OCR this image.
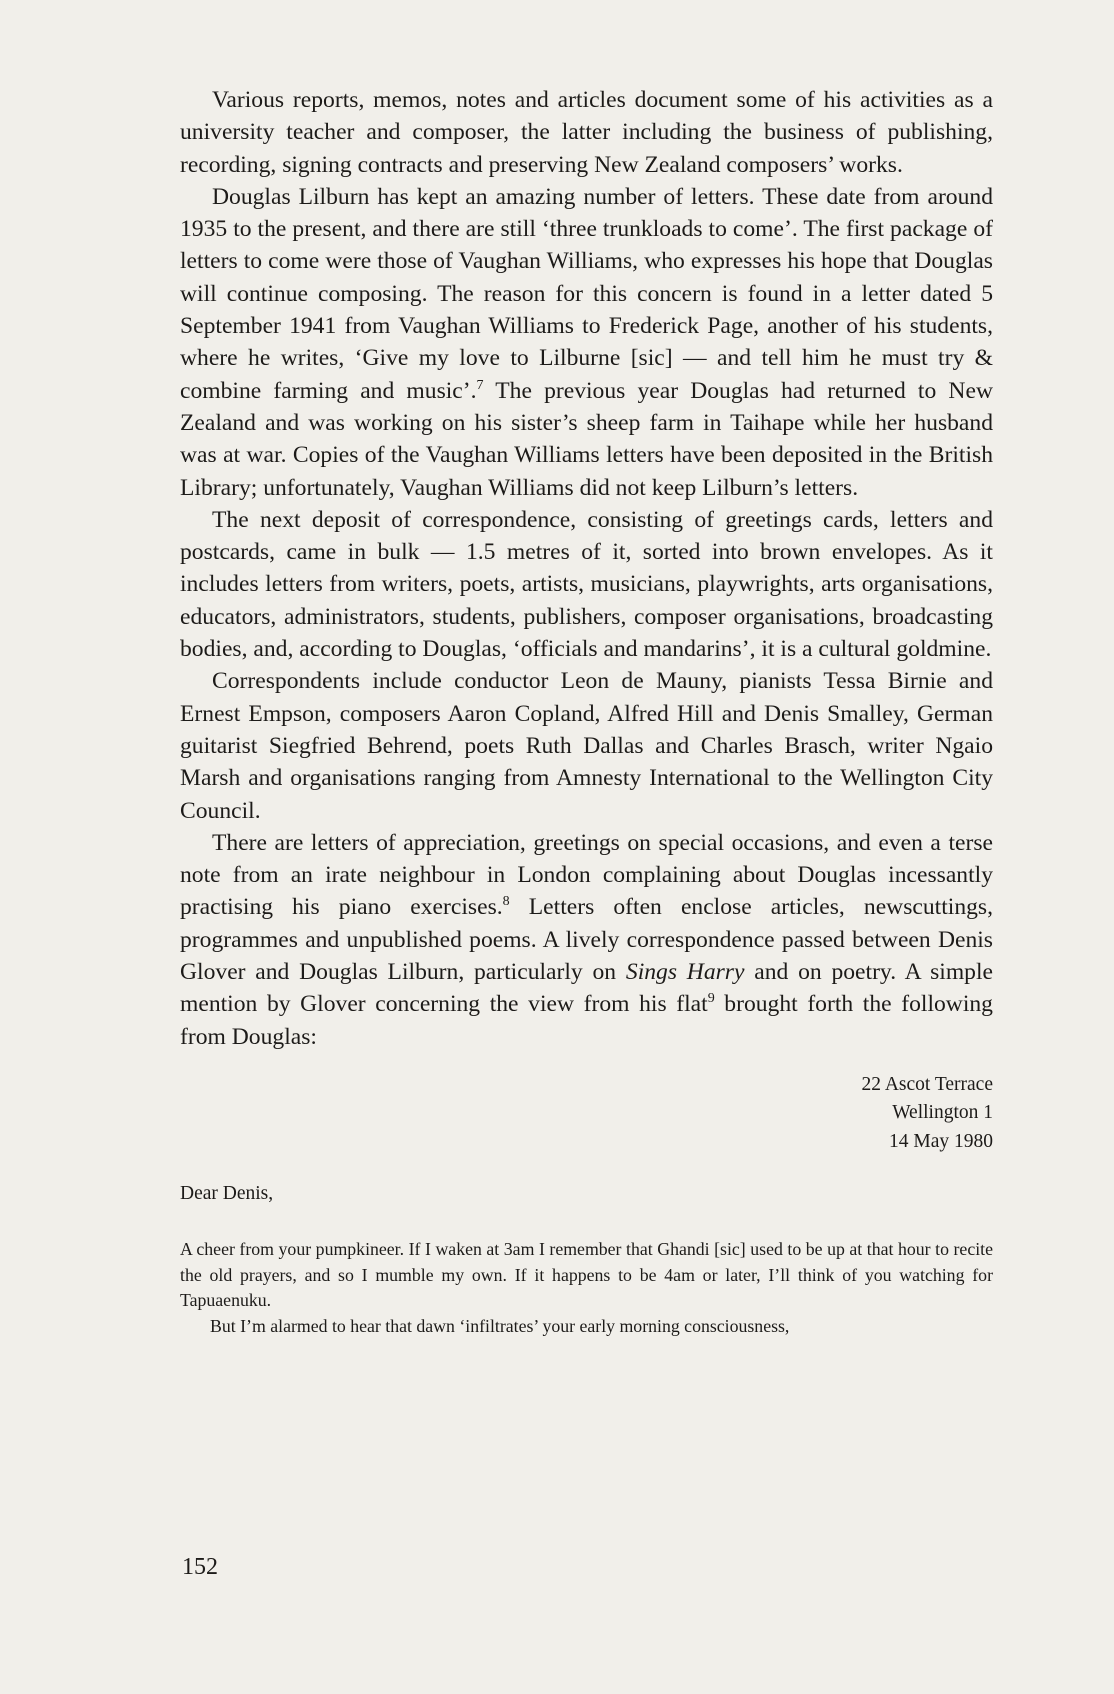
Various reports, memos, notes and articles document some of his activities as a university teacher and composer, the latter including the business of publishing, recording, signing contracts and preserving New Zealand composers’ works.

Douglas Lilburn has kept an amazing number of letters. These date from around 1935 to the present, and there are still ‘three trunkloads to come’. The first package of letters to come were those of Vaughan Williams, who expresses his hope that Douglas will continue composing. The reason for this concern is found in a letter dated 5 September 1941 from Vaughan Williams to Frederick Page, another of his students, where he writes, ‘Give my love to Lilburne [sic] — and tell him he must try & combine farming and music’.$^7$ The previous year Douglas had returned to New Zealand and was working on his sister’s sheep farm in Taihape while her husband was at war. Copies of the Vaughan Williams letters have been deposited in the British Library; unfortunately, Vaughan Williams did not keep Lilburn’s letters.

The next deposit of correspondence, consisting of greetings cards, letters and postcards, came in bulk — 1.5 metres of it, sorted into brown envelopes. As it includes letters from writers, poets, artists, musicians, playwrights, arts organisations, educators, administrators, students, publishers, composer organisations, broadcasting bodies, and, according to Douglas, ‘officials and mandarins’, it is a cultural goldmine.

Correspondents include conductor Leon de Mauny, pianists Tessa Birnie and Ernest Empson, composers Aaron Copland, Alfred Hill and Denis Smalley, German guitarist Siegfried Behrend, poets Ruth Dallas and Charles Brasch, writer Ngaio Marsh and organisations ranging from Amnesty International to the Wellington City Council.

There are letters of appreciation, greetings on special occasions, and even a terse note from an irate neighbour in London complaining about Douglas incessantly practising his piano exercises.$^8$ Letters often enclose articles, newscuttings, programmes and unpublished poems. A lively correspondence passed between Denis Glover and Douglas Lilburn, particularly on Sings Harry and on poetry. A simple mention by Glover concerning the view from his flat$^9$ brought forth the following from Douglas:

22 Ascot Terrace
Wellington 1
14 May 1980
Dear Denis,

A cheer from your pumpkineer. If I waken at 3am I remember that Ghandi [sic] used to be up at that hour to recite the old prayers, and so I mumble my own. If it happens to be 4am or later, I’ll think of you watching for Tapuaenuku.

But I’m alarmed to hear that dawn ‘infiltrates’ your early morning consciousness,

152
